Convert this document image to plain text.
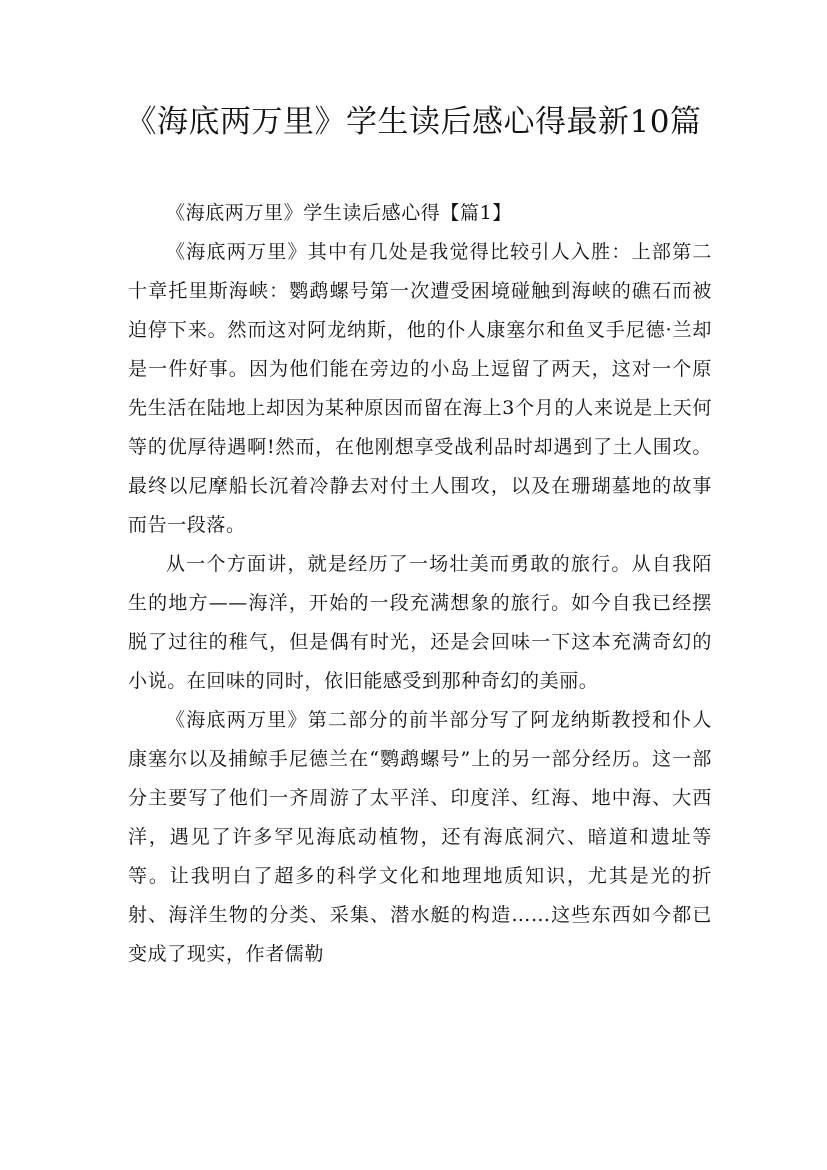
《海底两万里》学生读后感心得最新10篇

《海底两万里》学生读后感心得【篇1】

《海底两万里》其中有几处是我觉得比较引人入胜：上部第二十章托里斯海峡：鹦鹉螺号第一次遭受困境碰触到海峡的礁石而被迫停下来。然而这对阿龙纳斯，他的仆人康塞尔和鱼叉手尼德·兰却是一件好事。因为他们能在旁边的小岛上逗留了两天，这对一个原先生活在陆地上却因为某种原因而留在海上3个月的人来说是上天何等的优厚待遇啊!然而，在他刚想享受战利品时却遇到了土人围攻。最终以尼摩船长沉着冷静去对付土人围攻，以及在珊瑚墓地的故事而告一段落。

从一个方面讲，就是经历了一场壮美而勇敢的旅行。从自我陌生的地方——海洋，开始的一段充满想象的旅行。如今自我已经摆脱了过往的稚气，但是偶有时光，还是会回味一下这本充满奇幻的小说。在回味的同时，依旧能感受到那种奇幻的美丽。

《海底两万里》第二部分的前半部分写了阿龙纳斯教授和仆人康塞尔以及捕鲸手尼德兰在“鹦鹉螺号”上的另一部分经历。这一部分主要写了他们一齐周游了太平洋、印度洋、红海、地中海、大西洋，遇见了许多罕见海底动植物，还有海底洞穴、暗道和遗址等等。让我明白了超多的科学文化和地理地质知识，尤其是光的折射、海洋生物的分类、采集、潜水艇的构造……这些东西如今都已变成了现实，作者儒勒
